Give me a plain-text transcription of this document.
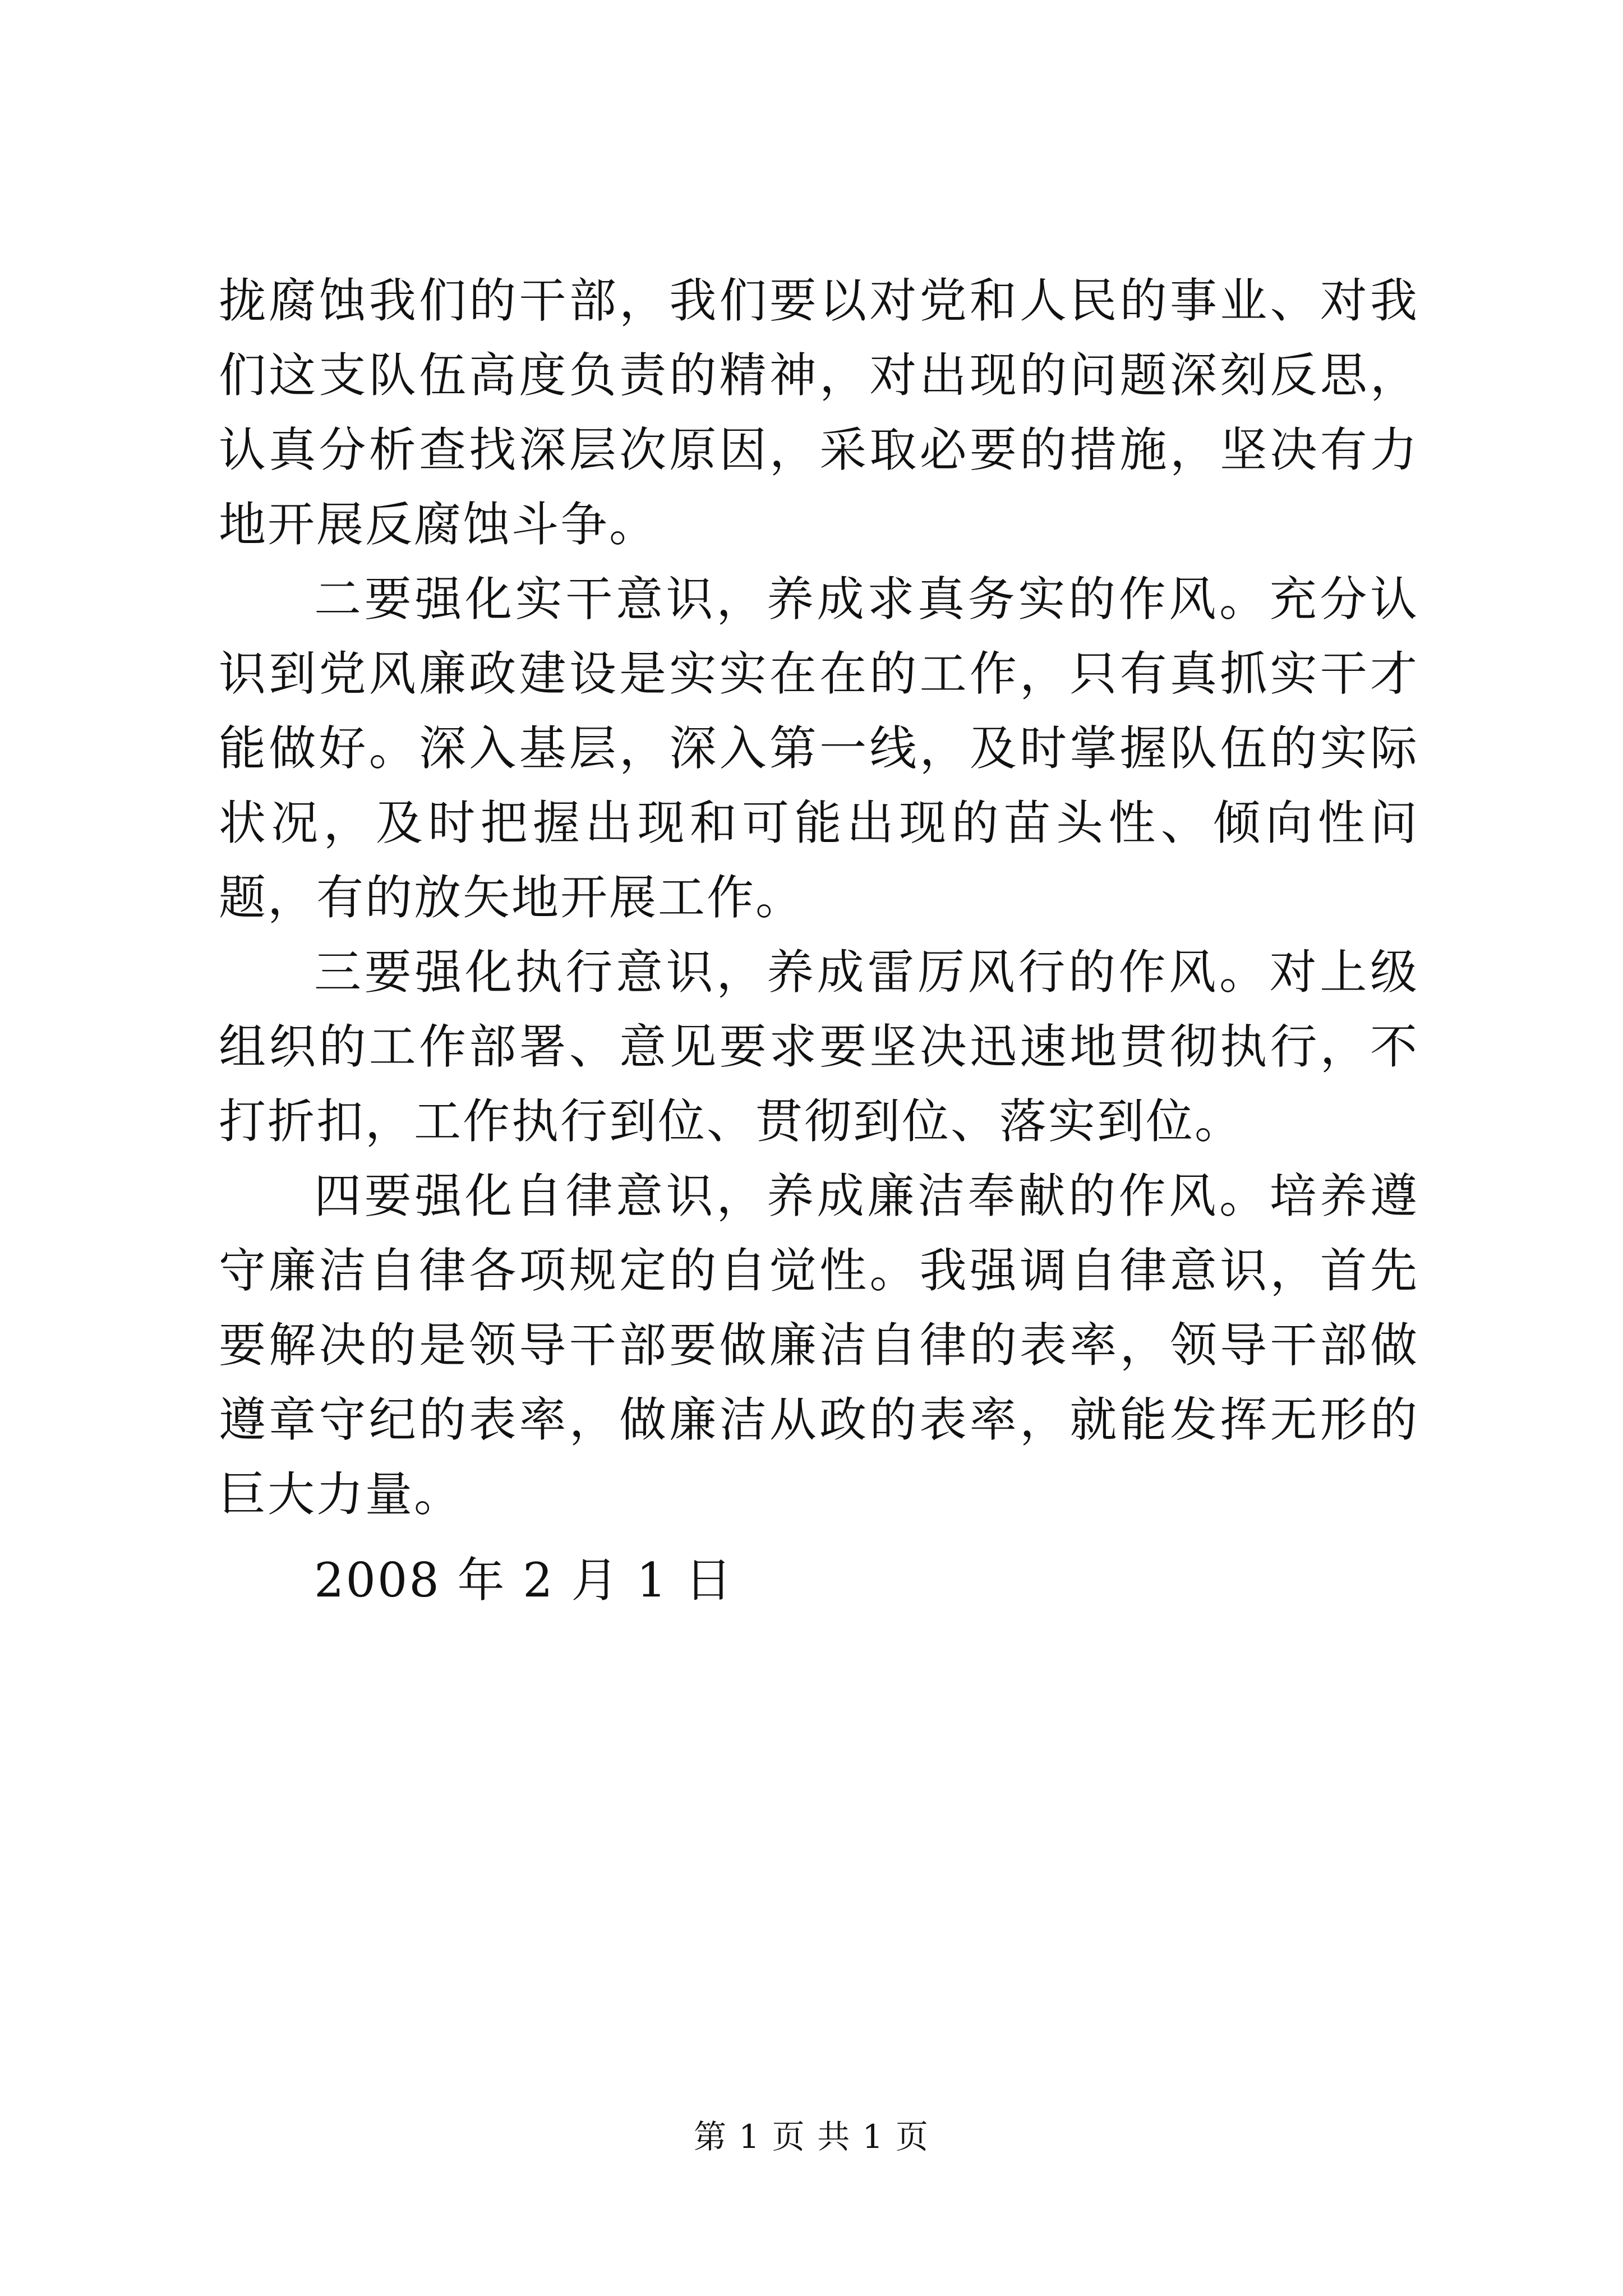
拢腐蚀我们的干部，我们要以对党和人民的事业、对我们这支队伍高度负责的精神，对出现的问题深刻反思，认真分析查找深层次原因，采取必要的措施，坚决有力地开展反腐蚀斗争。

二要强化实干意识，养成求真务实的作风。充分认识到党风廉政建设是实实在在的工作，只有真抓实干才能做好。深入基层，深入第一线，及时掌握队伍的实际状况，及时把握出现和可能出现的苗头性、倾向性问题，有的放矢地开展工作。

三要强化执行意识，养成雷厉风行的作风。对上级组织的工作部署、意见要求要坚决迅速地贯彻执行，不打折扣，工作执行到位、贯彻到位、落实到位。

四要强化自律意识，养成廉洁奉献的作风。培养遵守廉洁自律各项规定的自觉性。我强调自律意识，首先要解决的是领导干部要做廉洁自律的表率，领导干部做遵章守纪的表率，做廉洁从政的表率，就能发挥无形的巨大力量。

2008 年 2 月 1 日

第 1 页 共 1 页
